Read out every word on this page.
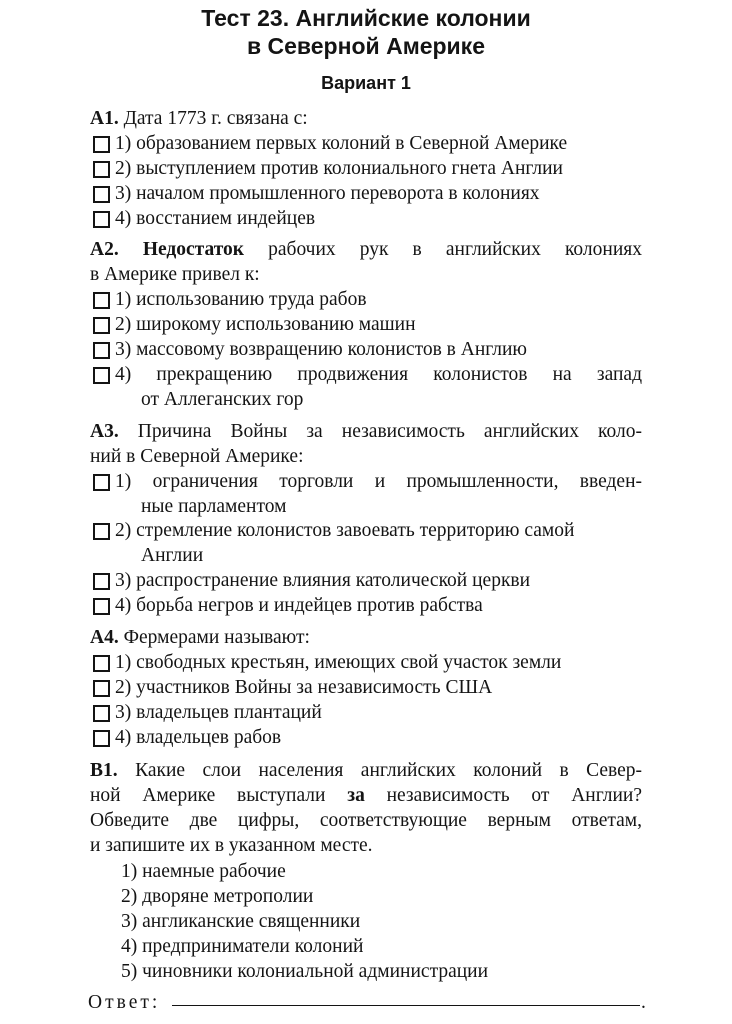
Тест 23. Английские колонии
в Северной Америке
Вариант 1
А1. Дата 1773 г. связана с:
1) образованием первых колоний в Северной Америке
2) выступлением против колониального гнета Англии
3) началом промышленного переворота в колониях
4) восстанием индейцев
А2. Недостаток рабочих рук в английских колониях
в Америке привел к:
1) использованию труда рабов
2) широкому использованию машин
3) массовому возвращению колонистов в Англию
4) прекращению продвижения колонистов на запад
от Аллеганских гор
А3. Причина Войны за независимость английских коло-
ний в Северной Америке:
1) ограничения торговли и промышленности, введен-
ные парламентом
2) стремление колонистов завоевать территорию самой
Англии
3) распространение влияния католической церкви
4) борьба негров и индейцев против рабства
А4. Фермерами называют:
1) свободных крестьян, имеющих свой участок земли
2) участников Войны за независимость США
3) владельцев плантаций
4) владельцев рабов
В1. Какие слои населения английских колоний в Север-
ной Америке выступали за независимость от Англии?
Обведите две цифры, соответствующие верным ответам,
и запишите их в указанном месте.
1) наемные рабочие
2) дворяне метрополии
3) англиканские священники
4) предприниматели колоний
5) чиновники колониальной администрации
Ответ:	.
